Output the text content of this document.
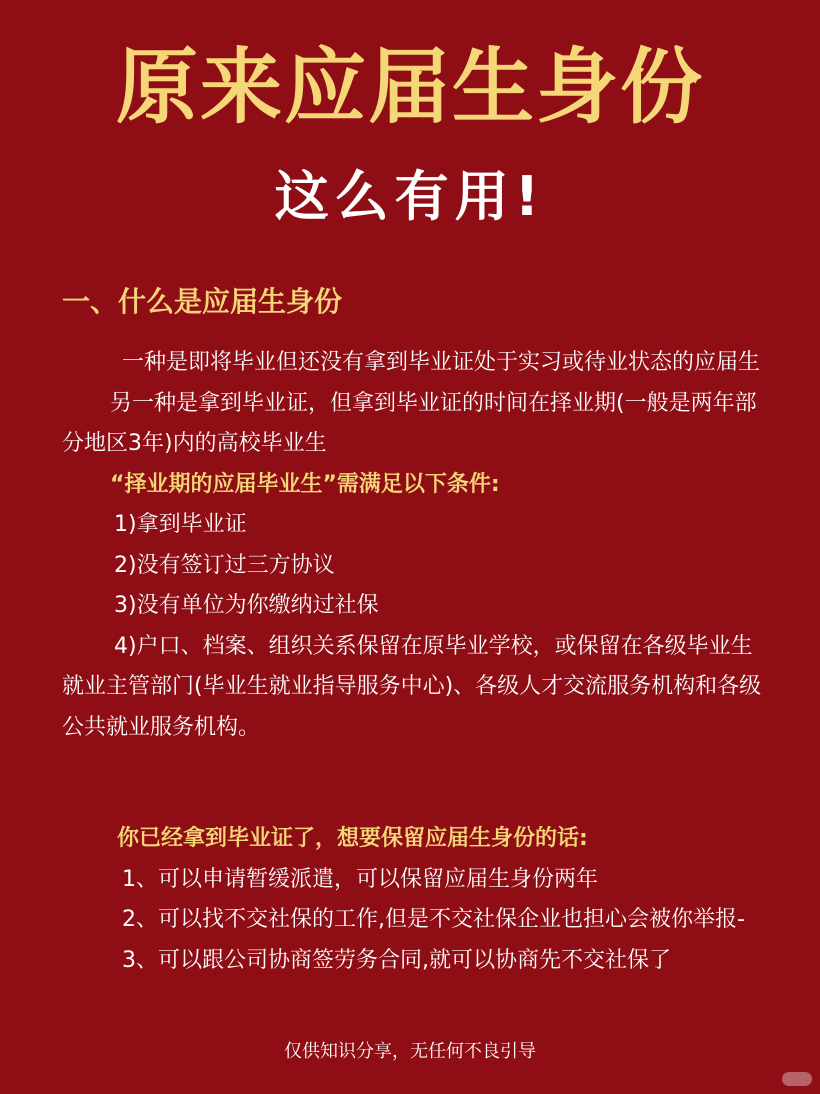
原来应届生身份
这么有用!
一、什么是应届生身份

一种是即将毕业但还没有拿到毕业证处于实习或待业状态的应届生

另一种是拿到毕业证，但拿到毕业证的时间在择业期(一般是两年部分地区3年)内的高校毕业生

“择业期的应届毕业生”需满足以下条件:

1)拿到毕业证

2)没有签订过三方协议

3)没有单位为你缴纳过社保

4)户口、档案、组织关系保留在原毕业学校，或保留在各级毕业生就业主管部门(毕业生就业指导服务中心)、各级人才交流服务机构和各级公共就业服务机构。

你已经拿到毕业证了，想要保留应届生身份的话:

1、可以申请暂缓派遣，可以保留应届生身份两年

2、可以找不交社保的工作,但是不交社保企业也担心会被你举报-

3、可以跟公司协商签劳务合同,就可以协商先不交社保了

仅供知识分享，无任何不良引导
